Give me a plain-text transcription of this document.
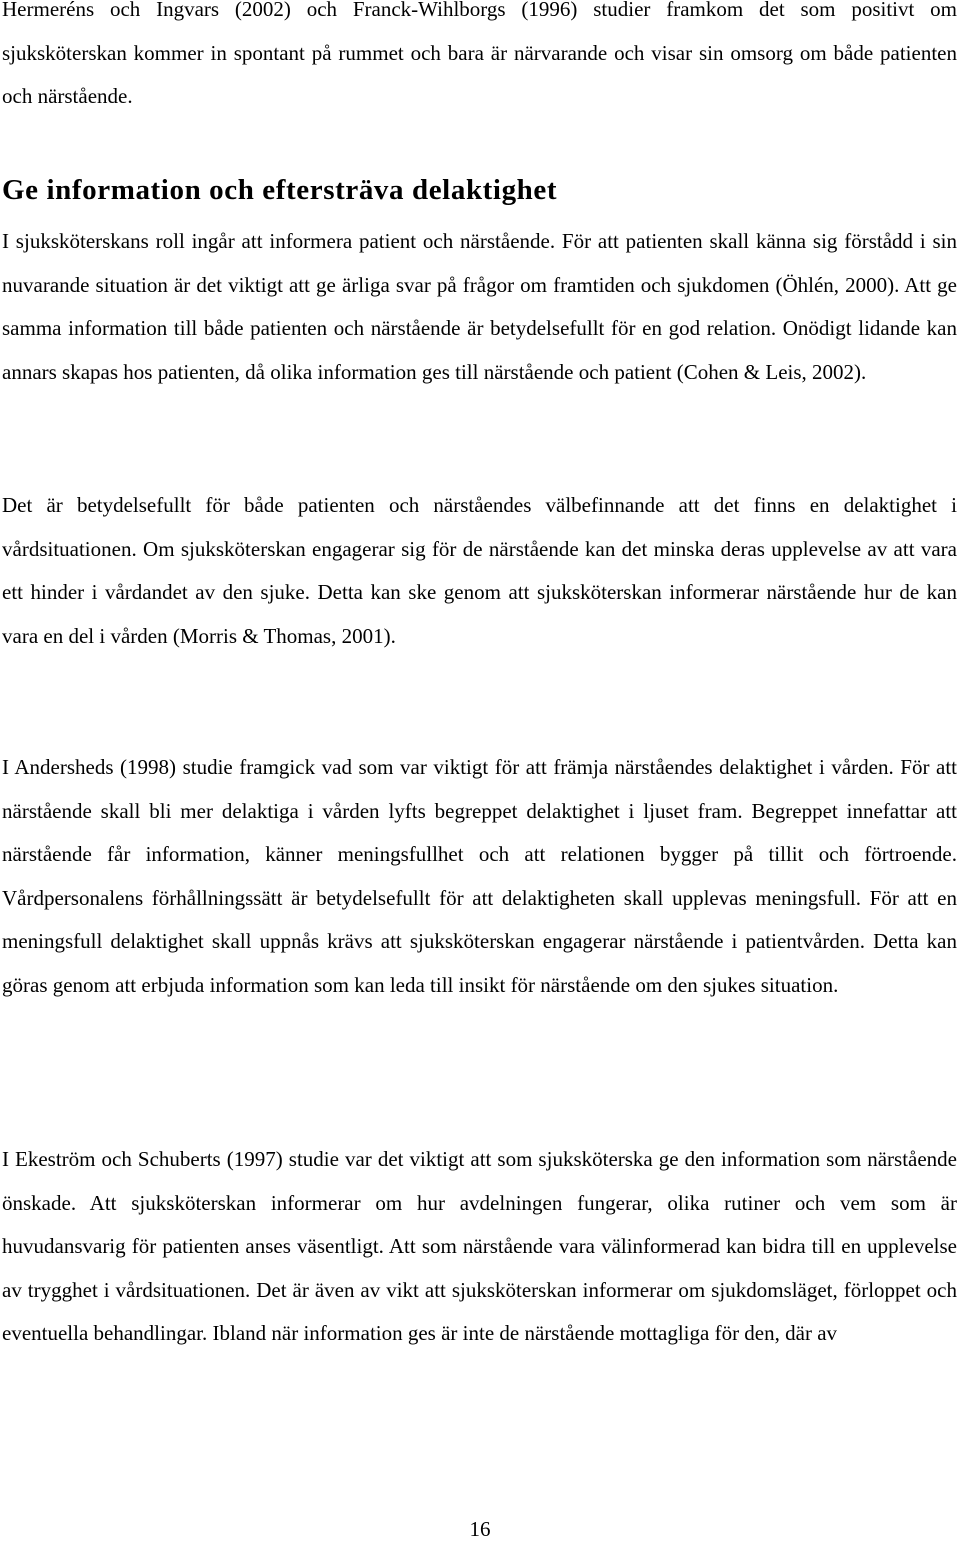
Hermeréns och Ingvars (2002) och Franck-Wihlborgs (1996) studier framkom det som positivt om sjuksköterskan kommer in spontant på rummet och bara är närvarande och visar sin omsorg om både patienten och närstående.

Ge information och eftersträva delaktighet

I sjuksköterskans roll ingår att informera patient och närstående. För att patienten skall känna sig förstådd i sin nuvarande situation är det viktigt att ge ärliga svar på frågor om framtiden och sjukdomen (Öhlén, 2000). Att ge samma information till både patienten och närstående är betydelsefullt för en god relation. Onödigt lidande kan annars skapas hos patienten, då olika information ges till närstående och patient (Cohen & Leis, 2002).

Det är betydelsefullt för både patienten och närståendes välbefinnande att det finns en delaktighet i vårdsituationen. Om sjuksköterskan engagerar sig för de närstående kan det minska deras upplevelse av att vara ett hinder i vårdandet av den sjuke. Detta kan ske genom att sjuksköterskan informerar närstående hur de kan vara en del i vården (Morris & Thomas, 2001).

I Andersheds (1998) studie framgick vad som var viktigt för att främja närståendes delaktighet i vården. För att närstående skall bli mer delaktiga i vården lyfts begreppet delaktighet i ljuset fram. Begreppet innefattar att närstående får information, känner meningsfullhet och att relationen bygger på tillit och förtroende. Vårdpersonalens förhållningssätt är betydelsefullt för att delaktigheten skall upplevas meningsfull. För att en meningsfull delaktighet skall uppnås krävs att sjuksköterskan engagerar närstående i patientvården. Detta kan göras genom att erbjuda information som kan leda till insikt för närstående om den sjukes situation.

I Ekeström och Schuberts (1997) studie var det viktigt att som sjuksköterska ge den information som närstående önskade. Att sjuksköterskan informerar om hur avdelningen fungerar, olika rutiner och vem som är huvudansvarig för patienten anses väsentligt. Att som närstående vara välinformerad kan bidra till en upplevelse av trygghet i vårdsituationen. Det är även av vikt att sjuksköterskan informerar om sjukdomsläget, förloppet och eventuella behandlingar. Ibland när information ges är inte de närstående mottagliga för den, där av

16
